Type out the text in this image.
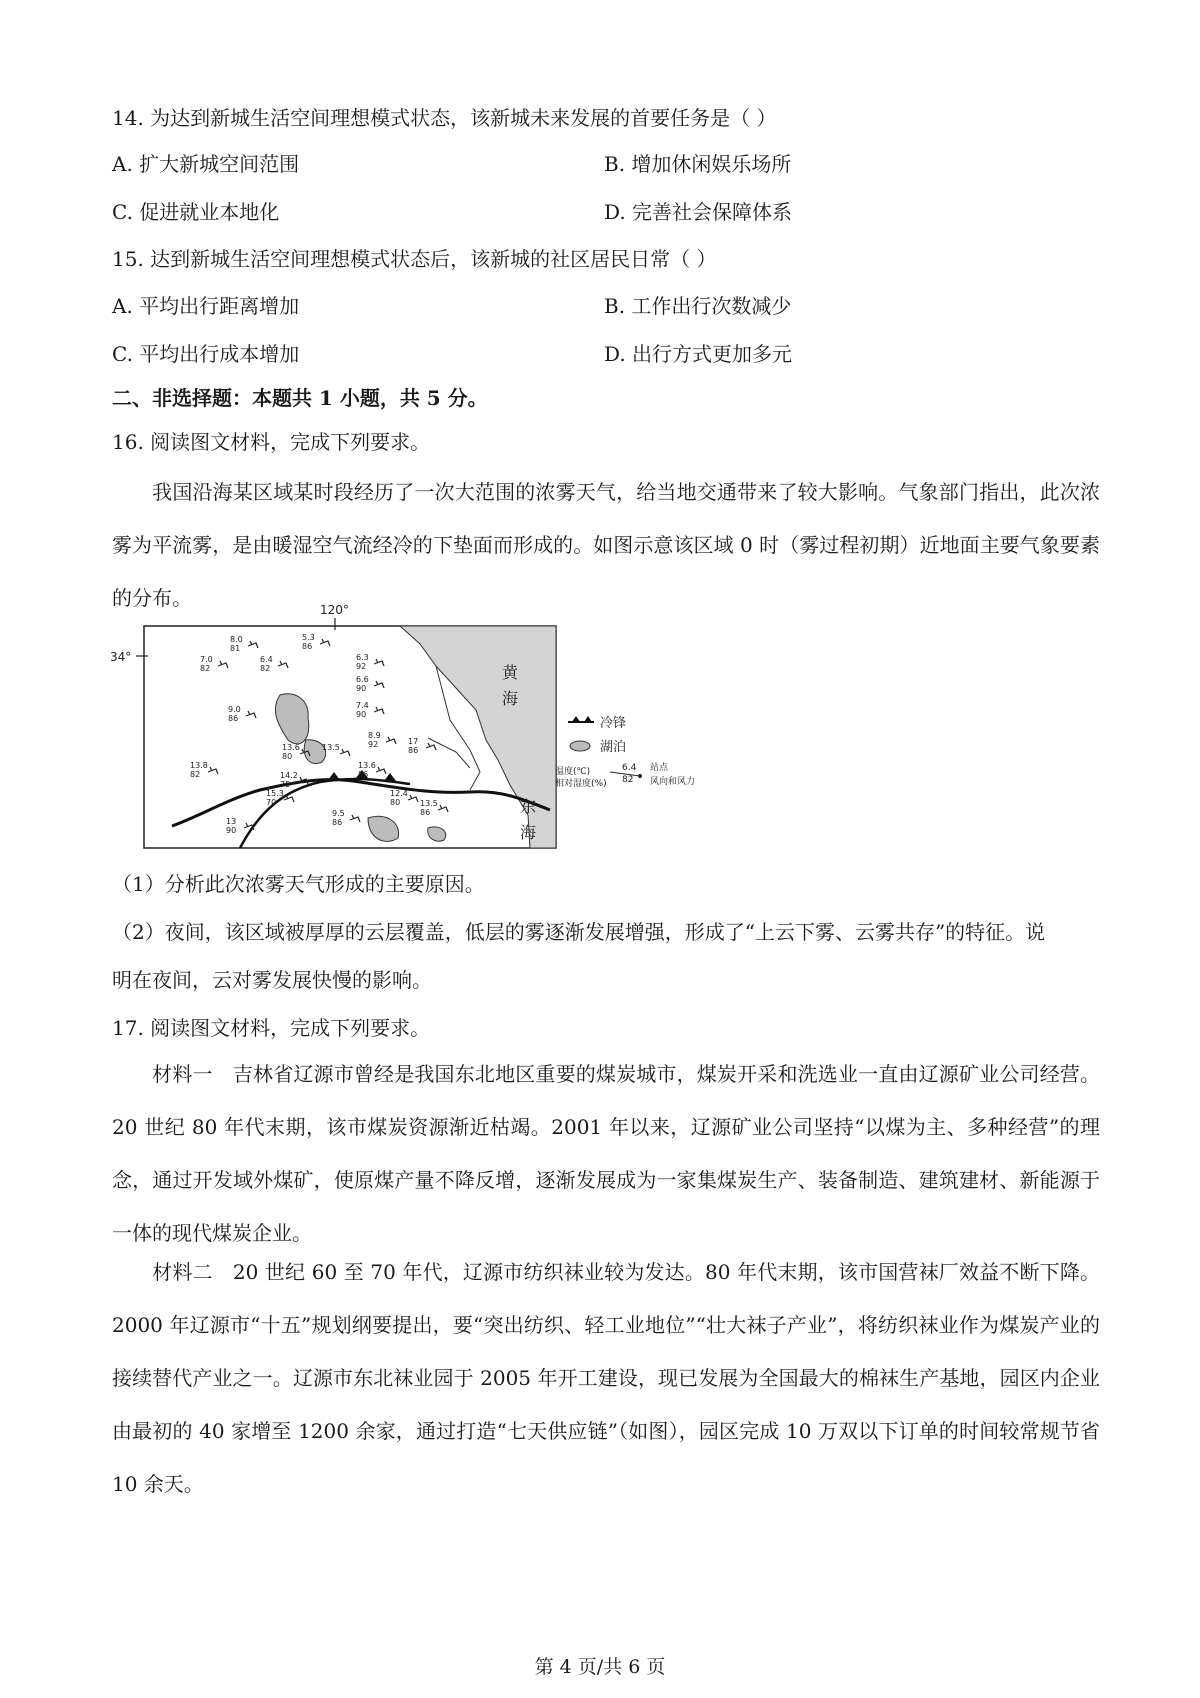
14. 为达到新城生活空间理想模式状态，该新城未来发展的首要任务是（ ）
A. 扩大新城空间范围	B. 增加休闲娱乐场所
C. 促进就业本地化	D. 完善社会保障体系
15. 达到新城生活空间理想模式状态后，该新城的社区居民日常（ ）
A. 平均出行距离增加	B. 工作出行次数减少
C. 平均出行成本增加	D. 出行方式更加多元
二、非选择题：本题共 1 小题，共 5 分。
16. 阅读图文材料，完成下列要求。
我国沿海某区域某时段经历了一次大范围的浓雾天气，给当地交通带来了较大影响。气象部门指出，此次浓雾为平流雾，是由暖湿空气流经冷的下垫面而形成的。如图示意该区域 0 时（雾过程初期）近地面主要气象要素的分布。	120°
34°
黄
海
东
海
8.0
81
5.3
86
7.0
82
6.4
82
6.3
92
6.6
90
7.4
90
9.0
86
8.9
92	17
86
13.6
80
13.5
13.8
82
13.6
86
14.2
75
15.3
70
12.4
80 13.5
86
9.5
86
13
90
冷锋
湖泊
温度(℃)
相对湿度(%)
6.4
82
站点
风向和风力
（1）分析此次浓雾天气形成的主要原因。
（2）夜间，该区域被厚厚的云层覆盖，低层的雾逐渐发展增强，形成了“上云下雾、云雾共存”的特征。说
明在夜间，云对雾发展快慢的影响。
17. 阅读图文材料，完成下列要求。
材料一　吉林省辽源市曾经是我国东北地区重要的煤炭城市，煤炭开采和洗选业一直由辽源矿业公司经营。20 世纪 80 年代末期，该市煤炭资源渐近枯竭。2001 年以来，辽源矿业公司坚持“以煤为主、多种经营”的理念，通过开发域外煤矿，使原煤产量不降反增，逐渐发展成为一家集煤炭生产、装备制造、建筑建材、新能源于一体的现代煤炭企业。
材料二　20 世纪 60 至 70 年代，辽源市纺织袜业较为发达。80 年代末期，该市国营袜厂效益不断下降。2000 年辽源市“十五”规划纲要提出，要“突出纺织、轻工业地位”“壮大袜子产业”，将纺织袜业作为煤炭产业的接续替代产业之一。辽源市东北袜业园于 2005 年开工建设，现已发展为全国最大的棉袜生产基地，园区内企业由最初的 40 家增至 1200 余家，通过打造“七天供应链”（如图），园区完成 10 万双以下订单的时间较常规节省 10 余天。
第 4 页/共 6 页
